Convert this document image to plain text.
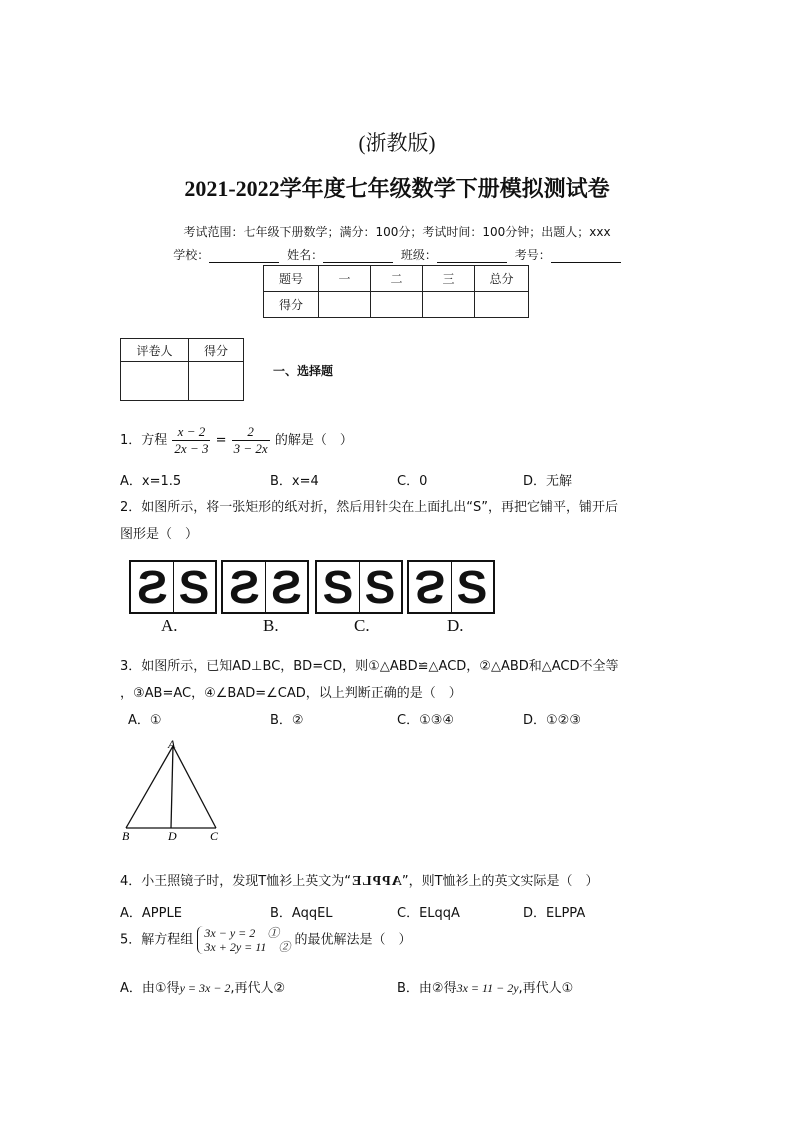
(浙教版)
2021-2022学年度七年级数学下册模拟测试卷
考试范围：七年级下册数学；满分：100分；考试时间：100分钟；出题人；xxx
学校：	姓名：	班级：	考号：
题号	一	二	三	总分
得分				
评卷人	得分

一、选择题
1．方程 $\frac{x - 2}{2x - 3} = \frac{2}{3 - 2x}$ 的解是（　）
A．x=1.5	B．x=4	C．0	D．无解
2．如图所示，将一张矩形的纸对折，然后用针尖在上面扎出“S”，再把它铺平，铺开后
图形是（　）
S S S S S S S S
A.	B.	C.	D.
3．如图所示，已知AD⊥BC，BD=CD，则①△ABD≌△ACD，②△ABD和△ACD不全等
，③AB=AC，④∠BAD=∠CAD，以上判断正确的是（　）
A．①	B．②	C．①③④	D．①②③
A
B	D	C
4．小王照镜子时，发现T恤衫上英文为“APPLE”，则T恤衫上的英文实际是（　）
A．APPLE	B．AqqEL	C．ELqqA	D．ELPPA
5．解方程组 3x − y = 2　①
3x + 2y = 11　② 的最优解法是（　）
A．由①得y = 3x − 2,再代人②	B．由②得3x = 11 − 2y,再代人①
